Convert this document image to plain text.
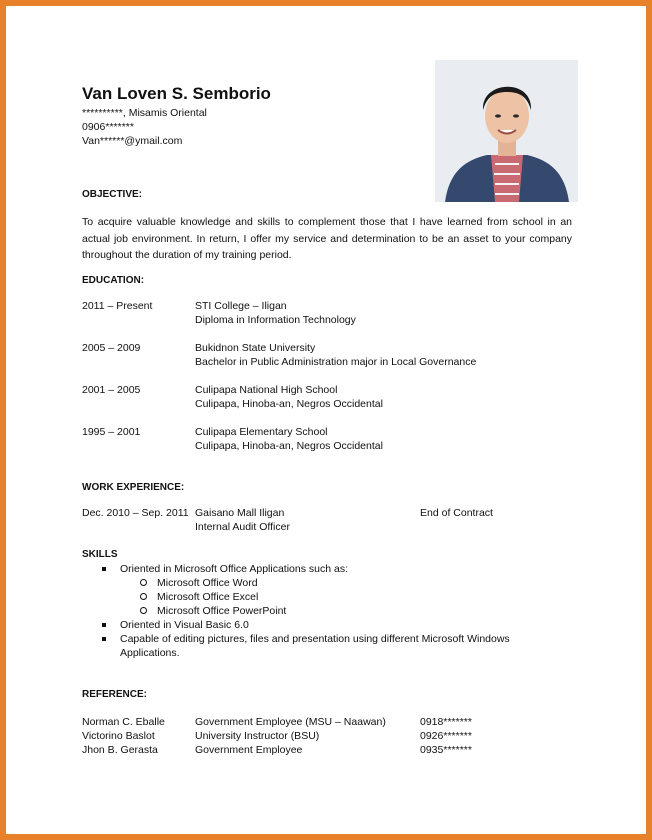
Van Loven S. Semborio
**********, Misamis Oriental
0906*******
Van******@ymail.com
OBJECTIVE:
To acquire valuable knowledge and skills to complement those that I have learned from school in an actual job environment. In return, I offer my service and determination to be an asset to your company throughout the duration of my training period.
EDUCATION:
2011 – Present	STI College – Iligan
Diploma in Information Technology
2005 – 2009	Bukidnon State University
Bachelor in Public Administration major in Local Governance
2001 – 2005	Culipapa National High School
Culipapa, Hinoba-an, Negros Occidental
1995 – 2001	Culipapa Elementary School
Culipapa, Hinoba-an, Negros Occidental
WORK EXPERIENCE:
Dec. 2010 – Sep. 2011 Gaisano Mall Iligan	End of Contract
Internal Audit Officer
SKILLS
Oriented in Microsoft Office Applications such as:
Microsoft Office Word
Microsoft Office Excel
Microsoft Office PowerPoint
Oriented in Visual Basic 6.0
Capable of editing pictures, files and presentation using different Microsoft Windows
Applications.
REFERENCE:
Norman C. Eballe	Government Employee (MSU – Naawan)	0918*******
Victorino Baslot	University Instructor (BSU)	0926*******
Jhon B. Gerasta	Government Employee	0935*******
